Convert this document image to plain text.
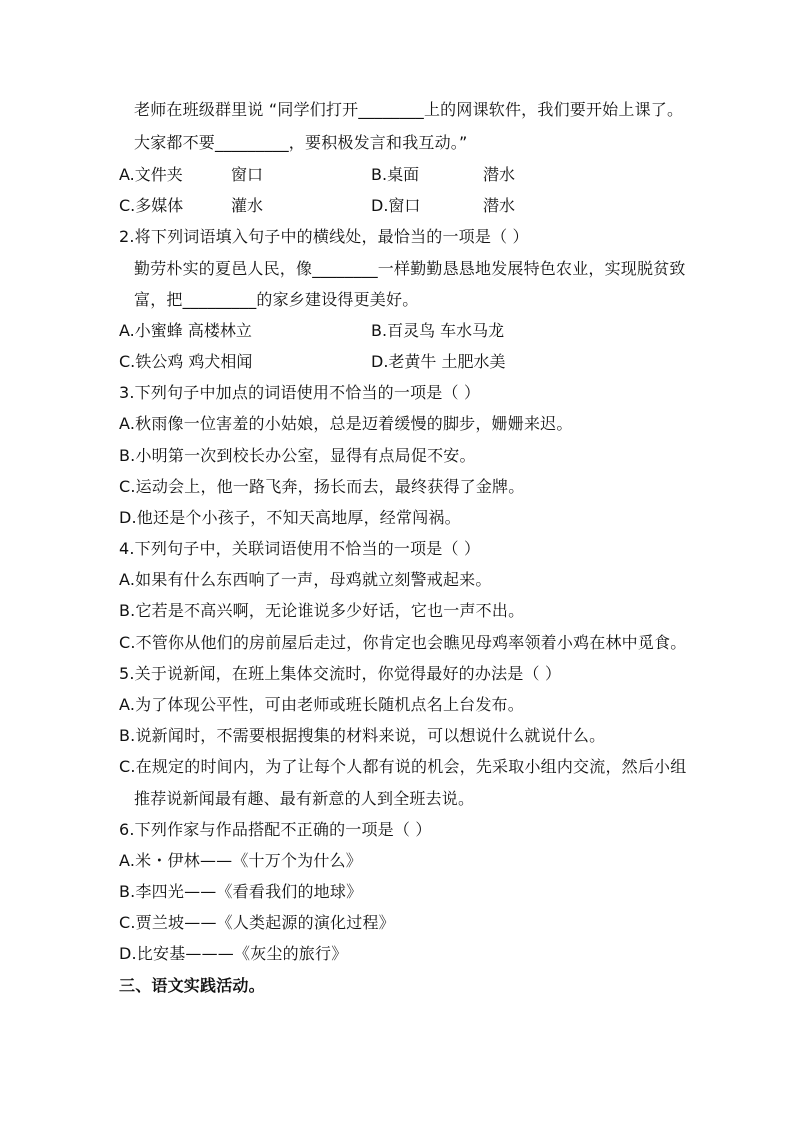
老师在班级群里说 “同学们打开________上的网课软件，我们要开始上课了。
大家都不要_________，要积极发言和我互动。”
A.文件夹	窗口	B.桌面	潜水
C.多媒体	灌水	D.窗口	潜水
2.将下列词语填入句子中的横线处，最恰当的一项是（ ）
勤劳朴实的夏邑人民，像________一样勤勤恳恳地发展特色农业，实现脱贫致
富，把_________的家乡建设得更美好。
A.小蜜蜂 高楼林立	B.百灵鸟 车水马龙
C.铁公鸡 鸡犬相闻	D.老黄牛 土肥水美
3.下列句子中加点的词语使用不恰当的一项是（ ）
A.秋雨像一位害羞的小姑娘，总是迈着缓慢的脚步，姗姗来迟。
B.小明第一次到校长办公室，显得有点局促不安。
C.运动会上，他一路飞奔，扬长而去，最终获得了金牌。
D.他还是个小孩子，不知天高地厚，经常闯祸。
4.下列句子中，关联词语使用不恰当的一项是（ ）
A.如果有什么东西响了一声，母鸡就立刻警戒起来。
B.它若是不高兴啊，无论谁说多少好话，它也一声不出。
C.不管你从他们的房前屋后走过，你肯定也会瞧见母鸡率领着小鸡在林中觅食。
5.关于说新闻，在班上集体交流时，你觉得最好的办法是（ ）
A.为了体现公平性，可由老师或班长随机点名上台发布。
B.说新闻时，不需要根据搜集的材料来说，可以想说什么就说什么。
C.在规定的时间内，为了让每个人都有说的机会，先采取小组内交流，然后小组
推荐说新闻最有趣、最有新意的人到全班去说。
6.下列作家与作品搭配不正确的一项是（ ）
A.米・伊林——《十万个为什么》
B.李四光——《看看我们的地球》
C.贾兰坡——《人类起源的演化过程》
D.比安基———《灰尘的旅行》
三、语文实践活动。
